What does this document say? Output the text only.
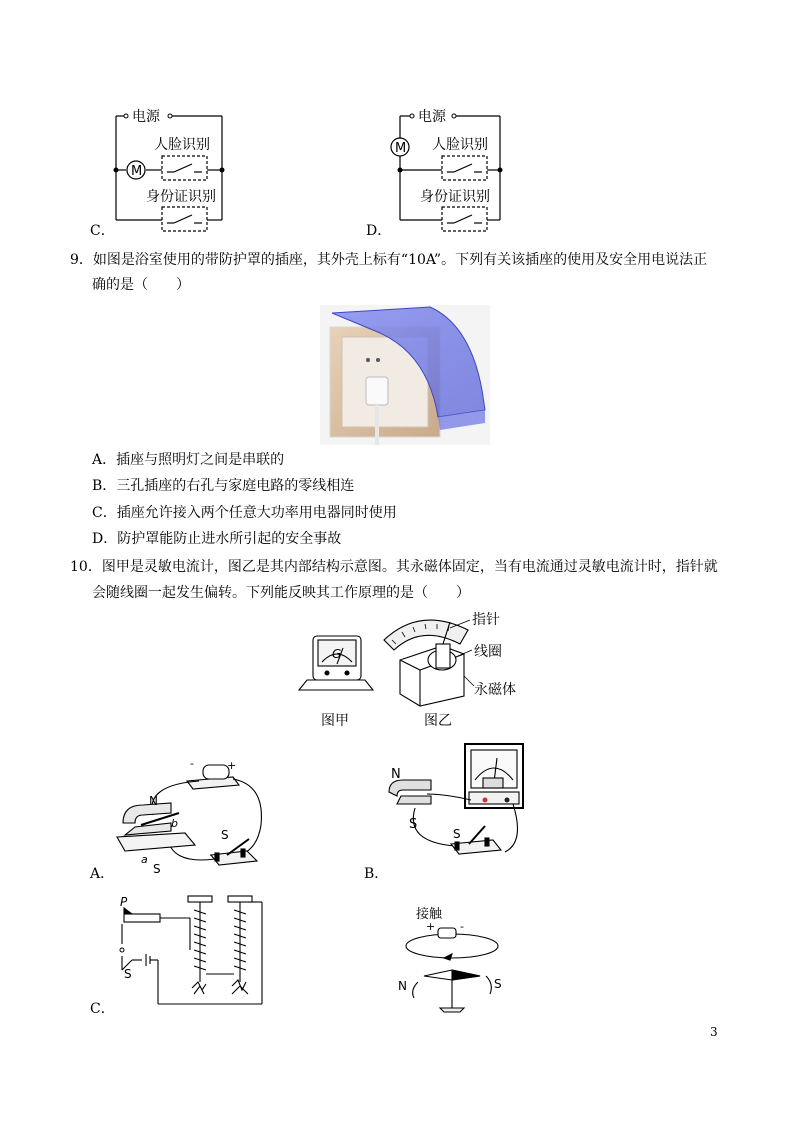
C．
电源
M
人脸识别
身份证识别
D．
电源
M 人脸识别
身份证识别
9．如图是浴室使用的带防护罩的插座，其外壳上标有“10A”。下列有关该插座的使用及安全用电说法正
确的是（　　）
A．插座与照明灯之间是串联的
B．三孔插座的右孔与家庭电路的零线相连
C．插座允许接入两个任意大功率用电器同时使用
D．防护罩能防止进水所引起的安全事故
10．图甲是灵敏电流计，图乙是其内部结构示意图。其永磁体固定，当有电流通过灵敏电流计时，指针就
会随线圈一起发生偏转。下列能反映其工作原理的是（　　）
G
指针
线圈
永磁体
图甲	图乙
A．
-	+
N
S
b
a
S
B．
N
S
S
C．
P
S
接触
+ -
N	S
3
